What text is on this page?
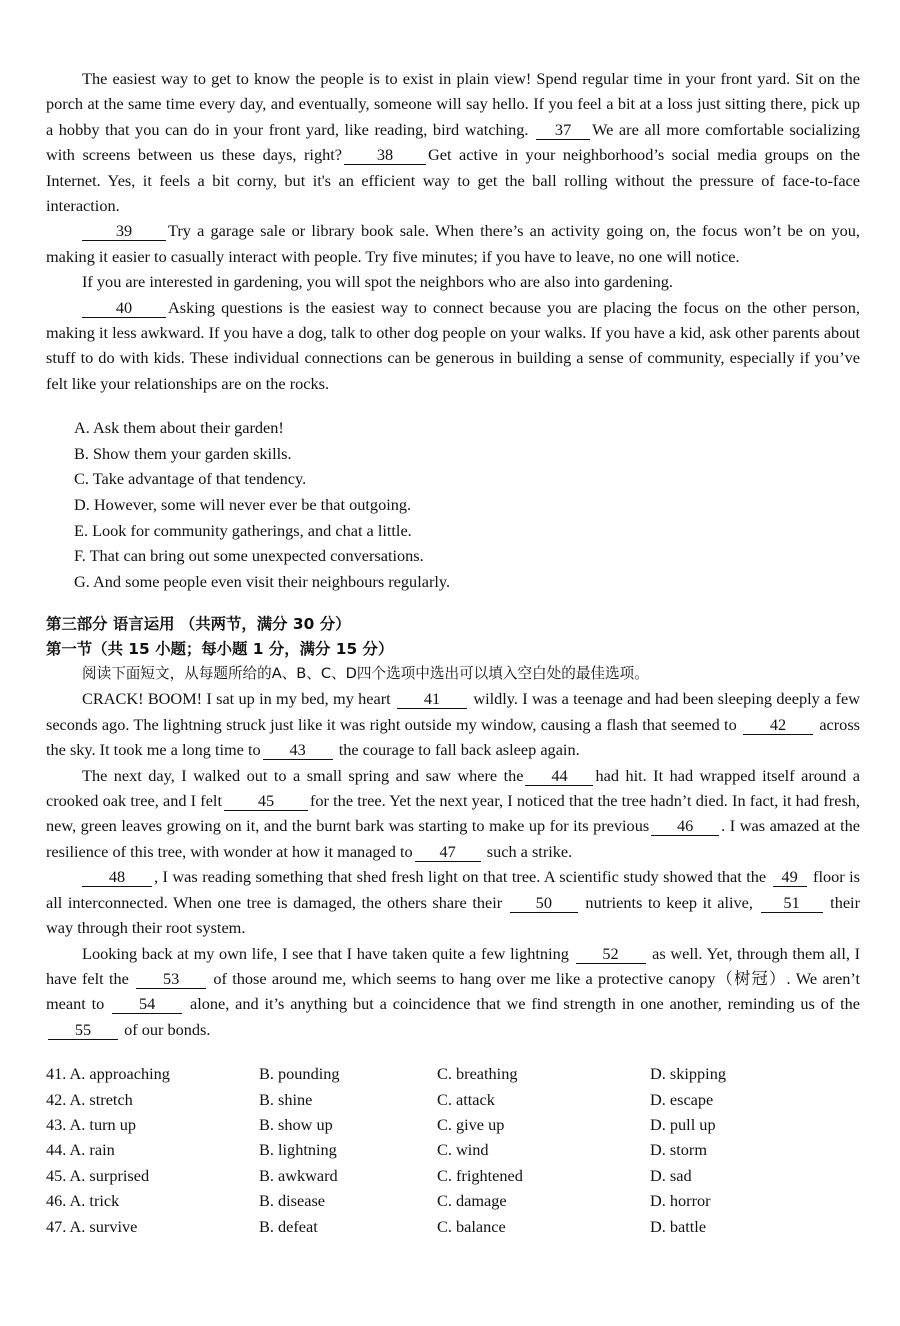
The easiest way to get to know the people is to exist in plain view! Spend regular time in your front yard. Sit on the porch at the same time every day, and eventually, someone will say hello. If you feel a bit at a loss just sitting there, pick up a hobby that you can do in your front yard, like reading, bird watching. 37 We are all more comfortable socializing with screens between us these days, right? 38 Get active in your neighborhood’s social media groups on the Internet. Yes, it feels a bit corny, but it's an efficient way to get the ball rolling without the pressure of face-to-face interaction.

39 Try a garage sale or library book sale. When there’s an activity going on, the focus won’t be on you, making it easier to casually interact with people. Try five minutes; if you have to leave, no one will notice.

If you are interested in gardening, you will spot the neighbors who are also into gardening.

40 Asking questions is the easiest way to connect because you are placing the focus on the other person, making it less awkward. If you have a dog, talk to other dog people on your walks. If you have a kid, ask other parents about stuff to do with kids. These individual connections can be generous in building a sense of community, especially if you’ve felt like your relationships are on the rocks.

A. Ask them about their garden!
B. Show them your garden skills.
C. Take advantage of that tendency.
D. However, some will never ever be that outgoing.
E. Look for community gatherings, and chat a little.
F. That can bring out some unexpected conversations.
G. And some people even visit their neighbours regularly.

第三部分 语言运用 （共两节，满分 30 分）

第一节（共 15 小题；每小题 1 分，满分 15 分）

阅读下面短文，从每题所给的A、B、C、D四个选项中选出可以填入空白处的最佳选项。

CRACK! BOOM! I sat up in my bed, my heart 41 wildly. I was a teenage and had been sleeping deeply a few seconds ago. The lightning struck just like it was right outside my window, causing a flash that seemed to 42 across the sky. It took me a long time to 43 the courage to fall back asleep again.

The next day, I walked out to a small spring and saw where the 44 had hit. It had wrapped itself around a crooked oak tree, and I felt 45 for the tree. Yet the next year, I noticed that the tree hadn’t died. In fact, it had fresh, new, green leaves growing on it, and the burnt bark was starting to make up for its previous 46 . I was amazed at the resilience of this tree, with wonder at how it managed to 47 such a strike.

48 , I was reading something that shed fresh light on that tree. A scientific study showed that the 49 floor is all interconnected. When one tree is damaged, the others share their 50 nutrients to keep it alive, 51 their way through their root system.

Looking back at my own life, I see that I have taken quite a few lightning 52 as well. Yet, through them all, I have felt the 53 of those around me, which seems to hang over me like a protective canopy（树冠）. We aren’t meant to 54 alone, and it’s anything but a coincidence that we find strength in one another, reminding us of the 55 of our bonds.

41. A. approaching	B. pounding	C. breathing	D. skipping
42. A. stretch	B. shine	C. attack	D. escape
43. A. turn up	B. show up	C. give up	D. pull up
44. A. rain	B. lightning	C. wind	D. storm
45. A. surprised	B. awkward	C. frightened	D. sad
46. A. trick	B. disease	C. damage	D. horror
47. A. survive	B. defeat	C. balance	D. battle
